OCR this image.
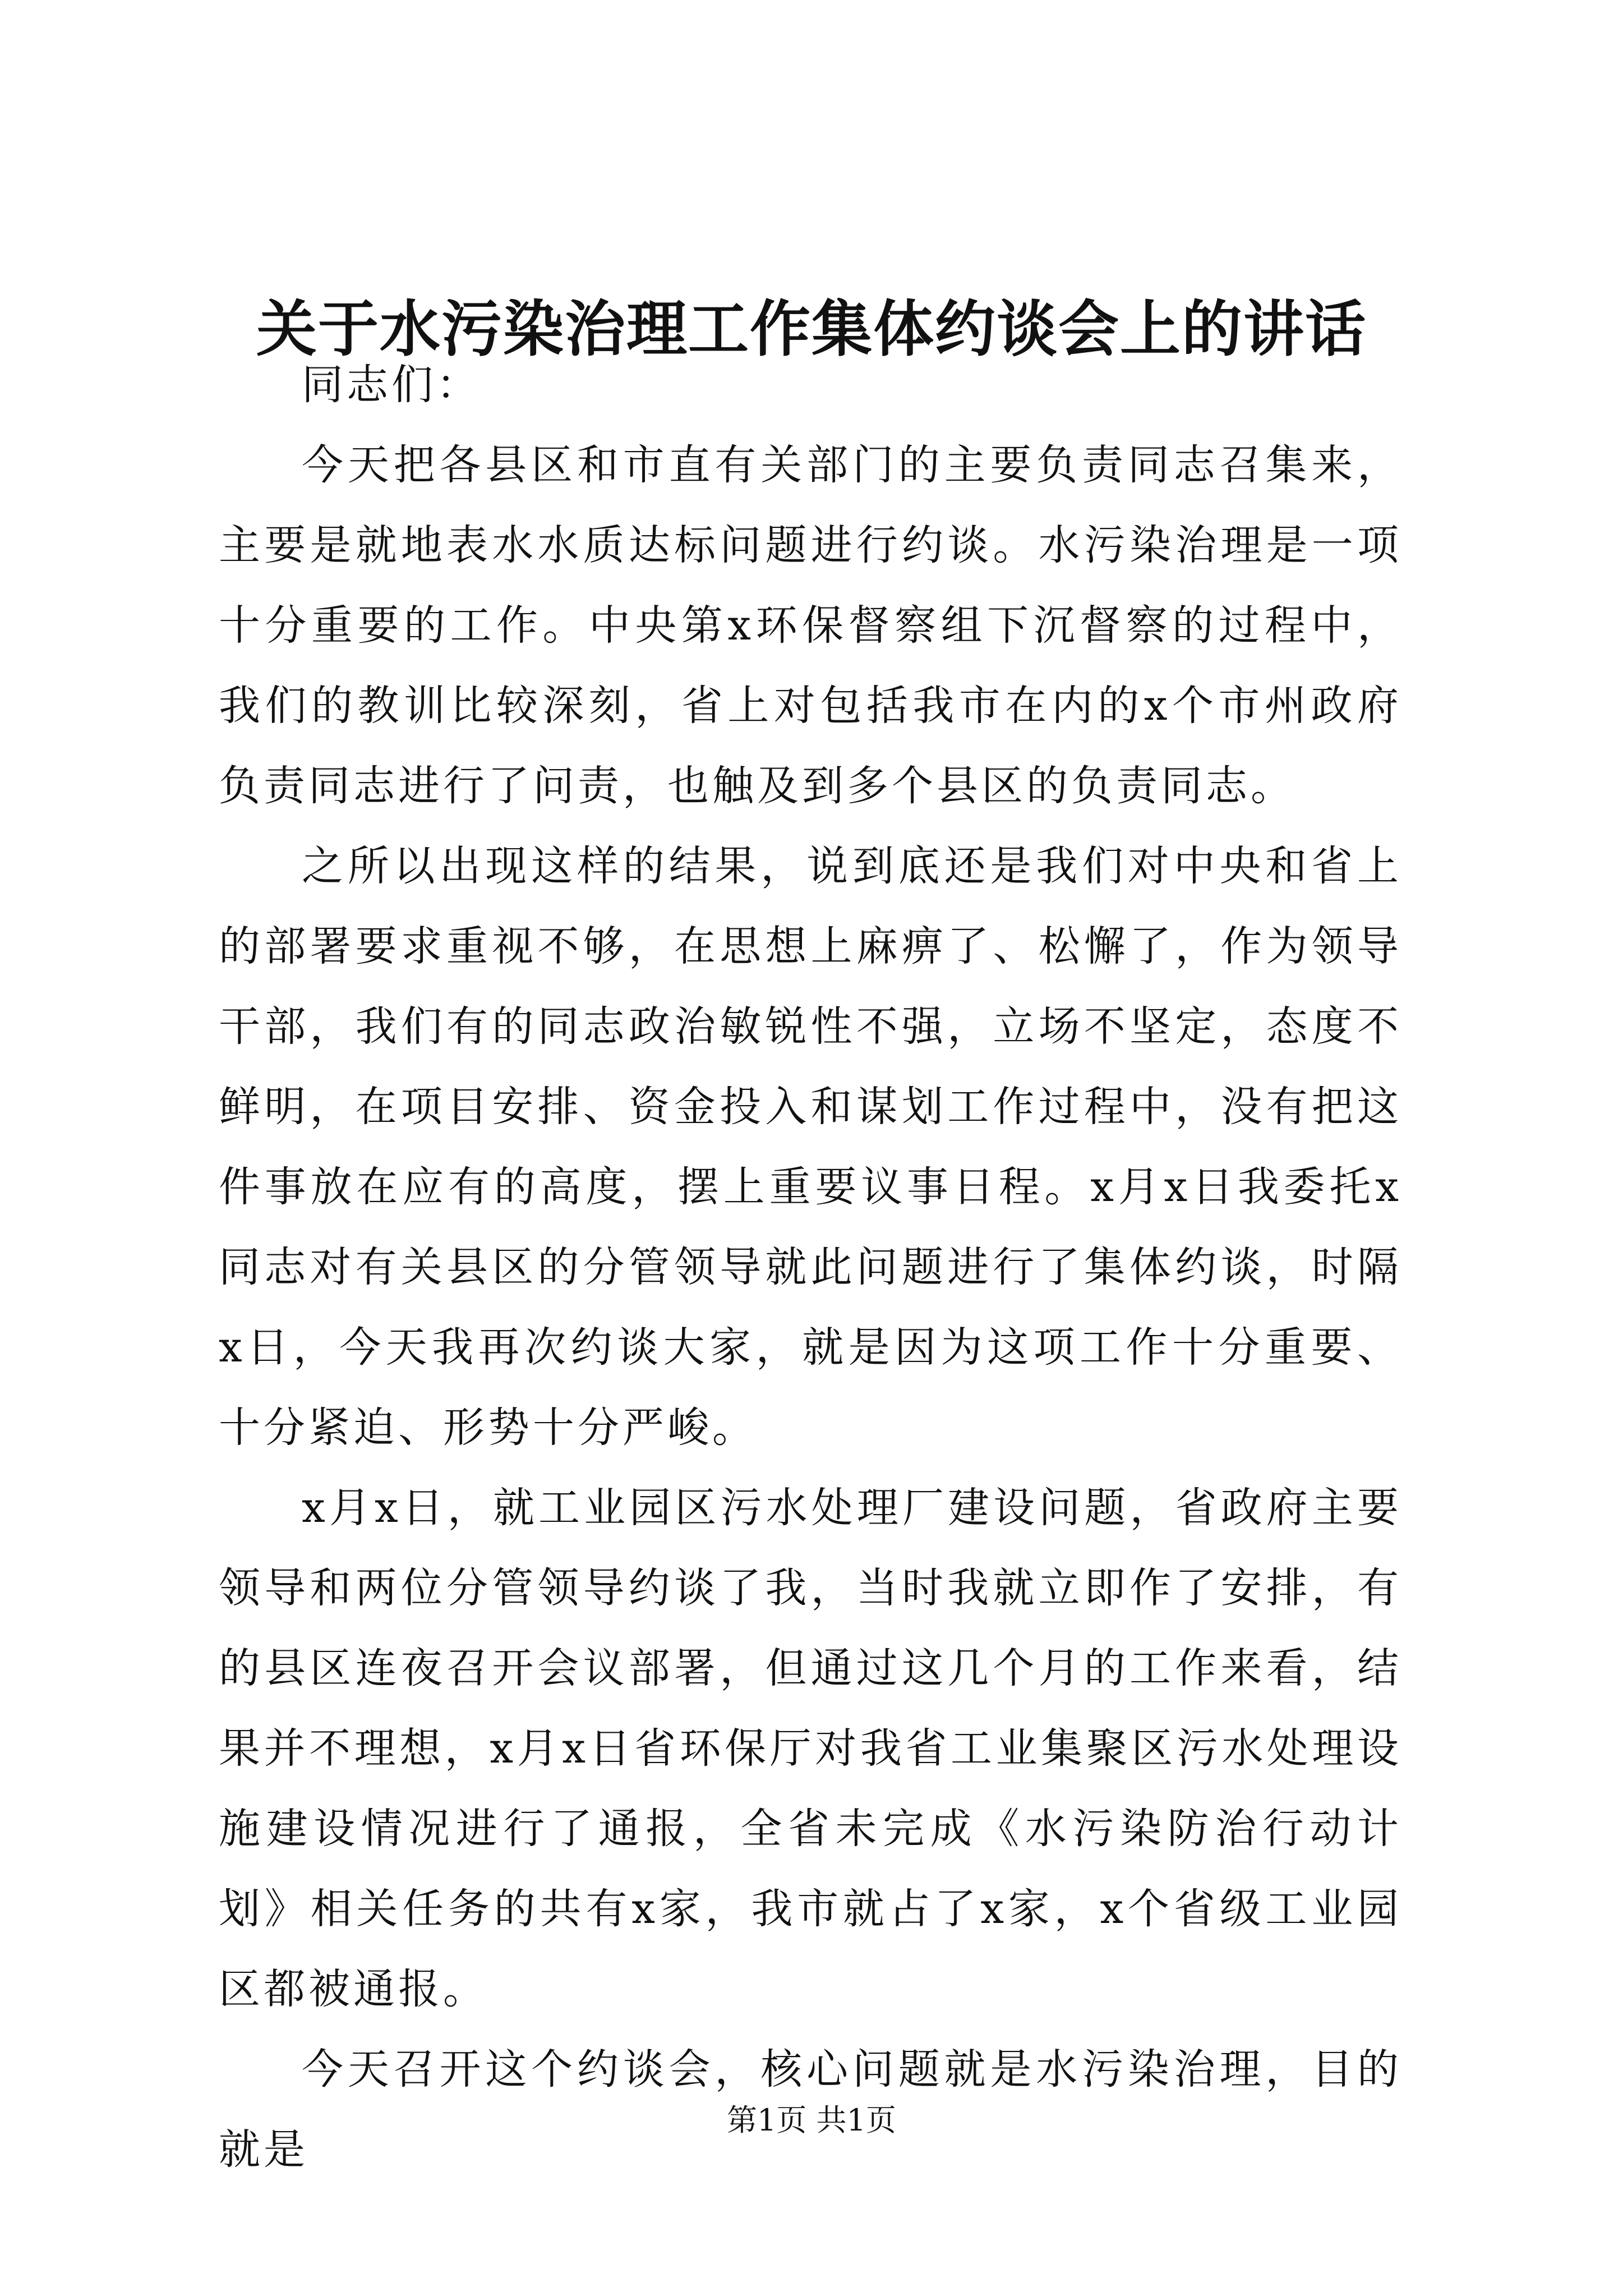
关于水污染治理工作集体约谈会上的讲话

同志们：

今天把各县区和市直有关部门的主要负责同志召集来，主要是就地表水水质达标问题进行约谈。水污染治理是一项十分重要的工作。中央第x环保督察组下沉督察的过程中，我们的教训比较深刻，省上对包括我市在内的x个市州政府负责同志进行了问责，也触及到多个县区的负责同志。

之所以出现这样的结果，说到底还是我们对中央和省上的部署要求重视不够，在思想上麻痹了、松懈了，作为领导干部，我们有的同志政治敏锐性不强，立场不坚定，态度不鲜明，在项目安排、资金投入和谋划工作过程中，没有把这件事放在应有的高度，摆上重要议事日程。x月x日我委托x同志对有关县区的分管领导就此问题进行了集体约谈，时隔x日，今天我再次约谈大家，就是因为这项工作十分重要、十分紧迫、形势十分严峻。

x月x日，就工业园区污水处理厂建设问题，省政府主要领导和两位分管领导约谈了我，当时我就立即作了安排，有的县区连夜召开会议部署，但通过这几个月的工作来看，结果并不理想，x月x日省环保厅对我省工业集聚区污水处理设施建设情况进行了通报，全省未完成《水污染防治行动计划》相关任务的共有x家，我市就占了x家，x个省级工业园区都被通报。

今天召开这个约谈会，核心问题就是水污染治理，目的就是

第1页 共1页
